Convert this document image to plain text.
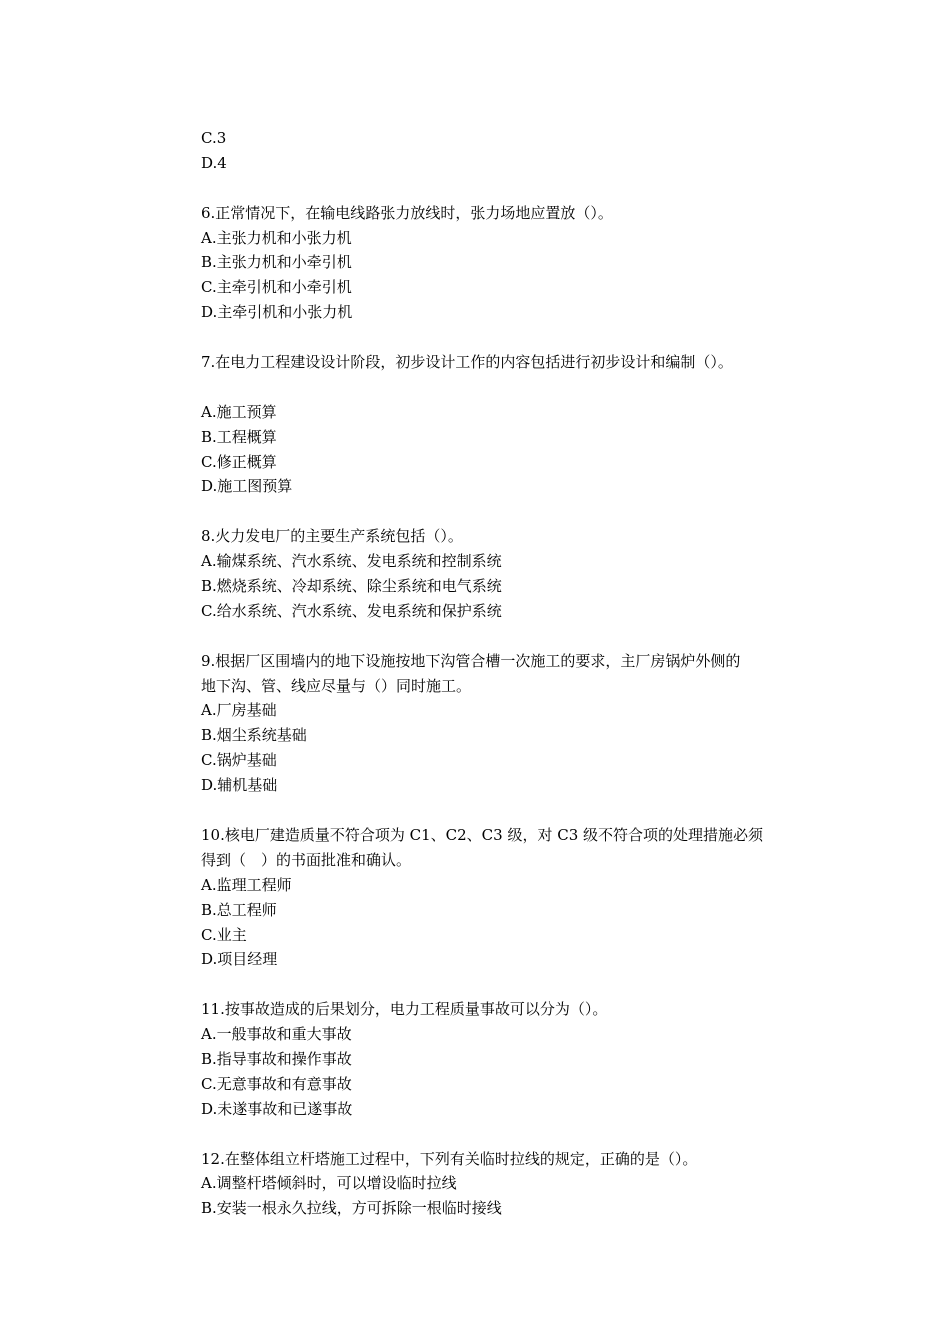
C.3
D.4
6.正常情况下，在输电线路张力放线时，张力场地应置放（）。
A.主张力机和小张力机
B.主张力机和小牵引机
C.主牵引机和小牵引机
D.主牵引机和小张力机
7.在电力工程建设设计阶段，初步设计工作的内容包括进行初步设计和编制（）。
A.施工预算
B.工程概算
C.修正概算
D.施工图预算
8.火力发电厂的主要生产系统包括（）。
A.输煤系统、汽水系统、发电系统和控制系统
B.燃烧系统、冷却系统、除尘系统和电气系统
C.给水系统、汽水系统、发电系统和保护系统
9.根据厂区围墙内的地下设施按地下沟管合槽一次施工的要求，主厂房锅炉外侧的
地下沟、管、线应尽量与（）同时施工。
A.厂房基础
B.烟尘系统基础
C.锅炉基础
D.辅机基础
10.核电厂建造质量不符合项为 C1、C2、C3 级，对 C3 级不符合项的处理措施必须
得到（　）的书面批准和确认。
A.监理工程师
B.总工程师
C.业主
D.项目经理
11.按事故造成的后果划分，电力工程质量事故可以分为（）。
A.一般事故和重大事故
B.指导事故和操作事故
C.无意事故和有意事故
D.未遂事故和已遂事故
12.在整体组立杆塔施工过程中，下列有关临时拉线的规定，正确的是（）。
A.调整杆塔倾斜时，可以增设临时拉线
B.安装一根永久拉线，方可拆除一根临时接线
